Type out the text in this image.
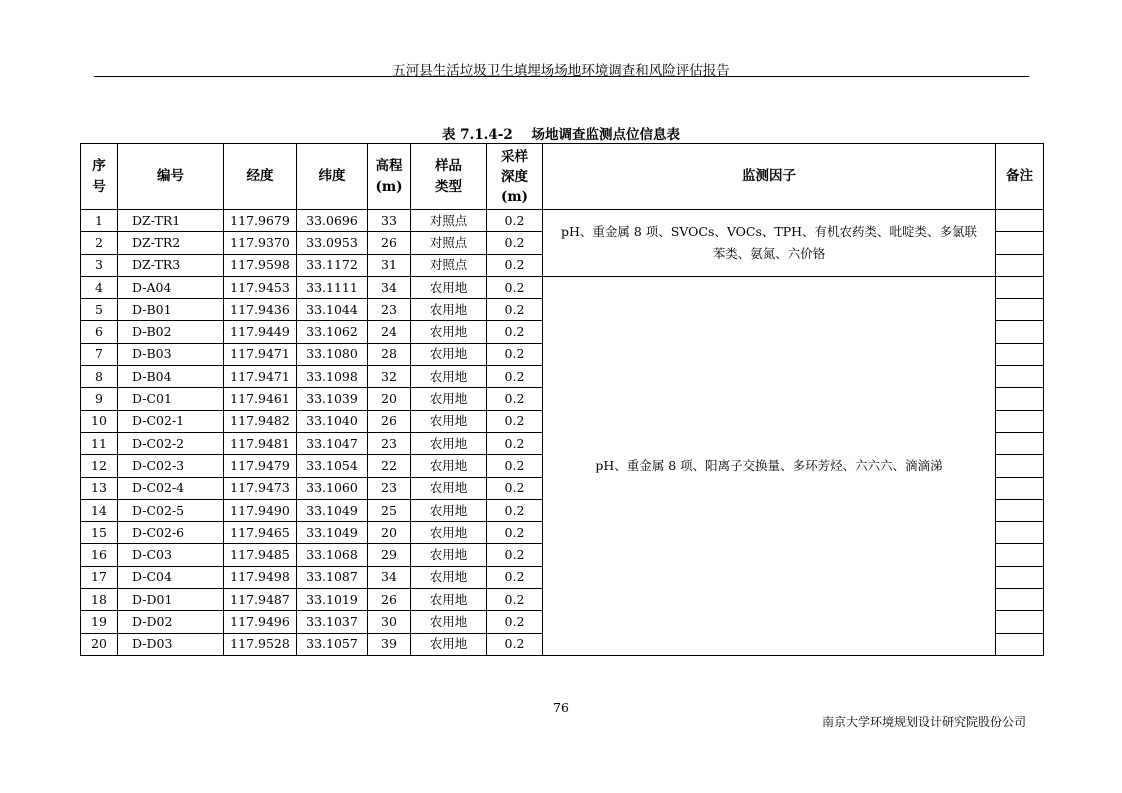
五河县生活垃圾卫生填埋场场地环境调查和风险评估报告
表 7.1.4-2    场地调查监测点位信息表
序号	编号	经度	纬度	高程(m)	样品类型	采样深度(m)	监测因子	备注
1	DZ-TR1	117.9679	33.0696	33	对照点	0.2	pH、重金属 8 项、SVOCs、VOCs、TPH、有机农药类、吡啶类、多氯联苯类、氨氮、六价铬	
2	DZ-TR2	117.9370	33.0953	26	对照点	0.2		
3	DZ-TR3	117.9598	33.1172	31	对照点	0.2		
4	D-A04	117.9453	33.1111	34	农用地	0.2	pH、重金属 8 项、阳离子交换量、多环芳烃、六六六、滴滴涕	
5	D-B01	117.9436	33.1044	23	农用地	0.2		
6	D-B02	117.9449	33.1062	24	农用地	0.2		
7	D-B03	117.9471	33.1080	28	农用地	0.2		
8	D-B04	117.9471	33.1098	32	农用地	0.2		
9	D-C01	117.9461	33.1039	20	农用地	0.2		
10	D-C02-1	117.9482	33.1040	26	农用地	0.2		
11	D-C02-2	117.9481	33.1047	23	农用地	0.2		
12	D-C02-3	117.9479	33.1054	22	农用地	0.2		
13	D-C02-4	117.9473	33.1060	23	农用地	0.2		
14	D-C02-5	117.9490	33.1049	25	农用地	0.2		
15	D-C02-6	117.9465	33.1049	20	农用地	0.2		
16	D-C03	117.9485	33.1068	29	农用地	0.2		
17	D-C04	117.9498	33.1087	34	农用地	0.2		
18	D-D01	117.9487	33.1019	26	农用地	0.2		
19	D-D02	117.9496	33.1037	30	农用地	0.2		
20	D-D03	117.9528	33.1057	39	农用地	0.2		
76
南京大学环境规划设计研究院股份公司
